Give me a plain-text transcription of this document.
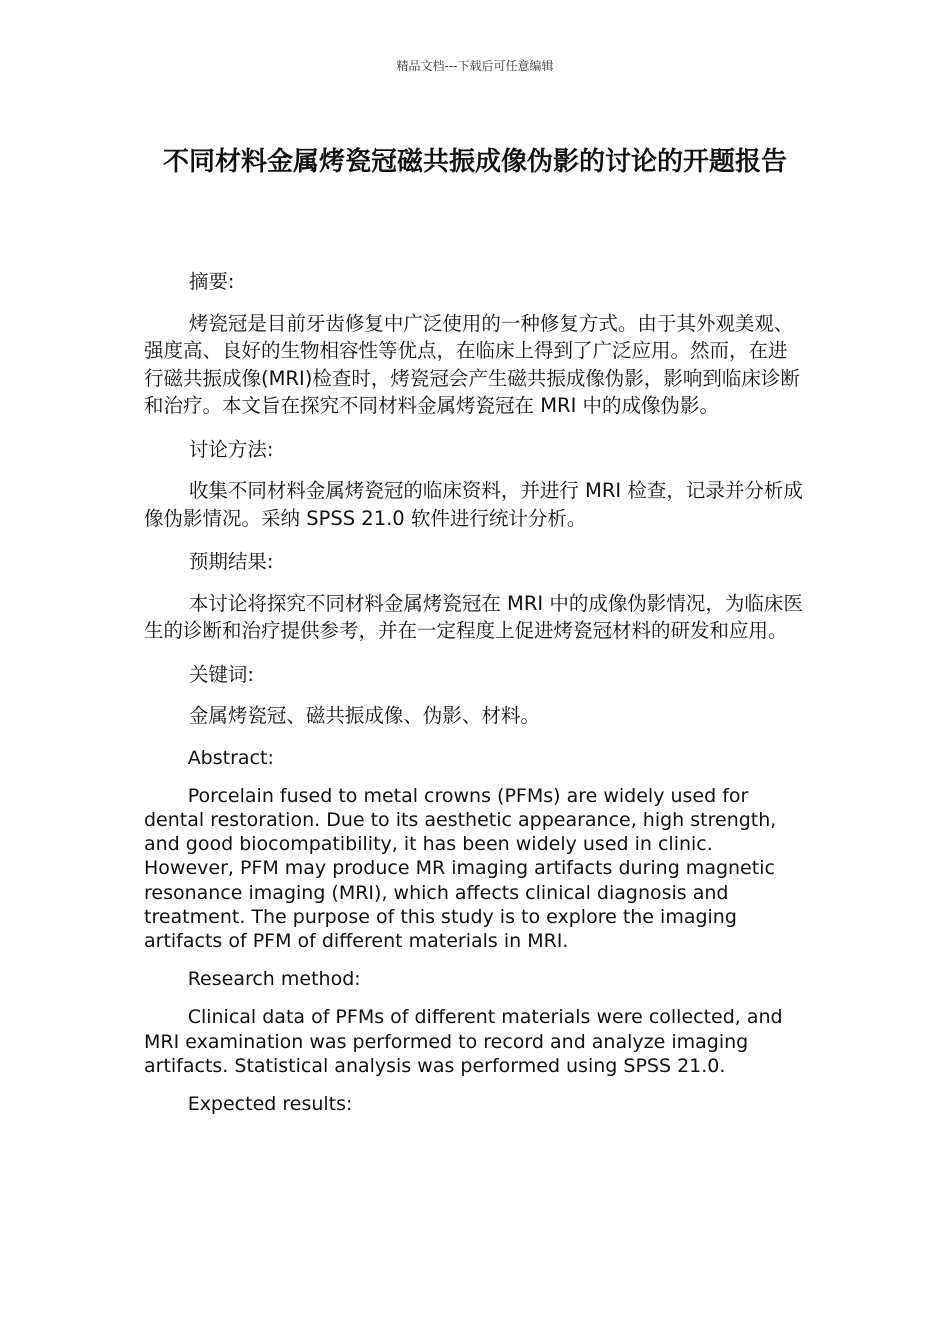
精品文档---下载后可任意编辑
不同材料金属烤瓷冠磁共振成像伪影的讨论的开题报告

摘要:

烤瓷冠是目前牙齿修复中广泛使用的一种修复方式。由于其外观美观、强度高、良好的生物相容性等优点，在临床上得到了广泛应用。然而，在进行磁共振成像(MRI)检查时，烤瓷冠会产生磁共振成像伪影，影响到临床诊断和治疗。本文旨在探究不同材料金属烤瓷冠在 MRI 中的成像伪影。

讨论方法:

收集不同材料金属烤瓷冠的临床资料，并进行 MRI 检查，记录并分析成像伪影情况。采纳 SPSS 21.0 软件进行统计分析。

预期结果:

本讨论将探究不同材料金属烤瓷冠在 MRI 中的成像伪影情况，为临床医生的诊断和治疗提供参考，并在一定程度上促进烤瓷冠材料的研发和应用。

关键词:

金属烤瓷冠、磁共振成像、伪影、材料。

Abstract:

Porcelain fused to metal crowns (PFMs) are widely used for dental restoration. Due to its aesthetic appearance, high strength, and good biocompatibility, it has been widely used in clinic. However, PFM may produce MR imaging artifacts during magnetic resonance imaging (MRI), which affects clinical diagnosis and treatment. The purpose of this study is to explore the imaging artifacts of PFM of different materials in MRI.

Research method:

Clinical data of PFMs of different materials were collected, and MRI examination was performed to record and analyze imaging artifacts. Statistical analysis was performed using SPSS 21.0.

Expected results:
